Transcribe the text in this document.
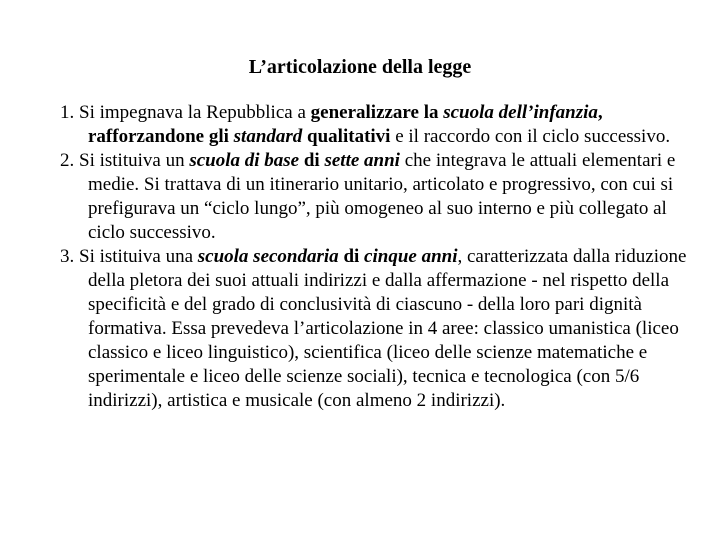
L’articolazione della legge

1. Si impegnava la Repubblica a generalizzare la scuola dell’infanzia, rafforzandone gli standard qualitativi e il raccordo con il ciclo successivo.

2. Si istituiva un scuola di base di sette anni che integrava le attuali elementari e medie. Si trattava di un itinerario unitario, articolato e progressivo, con cui si prefigurava un “ciclo lungo”, più omogeneo al suo interno e più collegato al ciclo successivo.

3. Si istituiva una scuola secondaria di cinque anni, caratterizzata dalla riduzione della pletora dei suoi attuali indirizzi e dalla affermazione - nel rispetto della specificità e del grado di conclusività di ciascuno - della loro pari dignità formativa. Essa prevedeva l’articolazione in 4 aree: classico umanistica (liceo classico e liceo linguistico), scientifica (liceo delle scienze matematiche e sperimentale e liceo delle scienze sociali), tecnica e tecnologica (con 5/6 indirizzi), artistica e musicale (con almeno 2 indirizzi).
